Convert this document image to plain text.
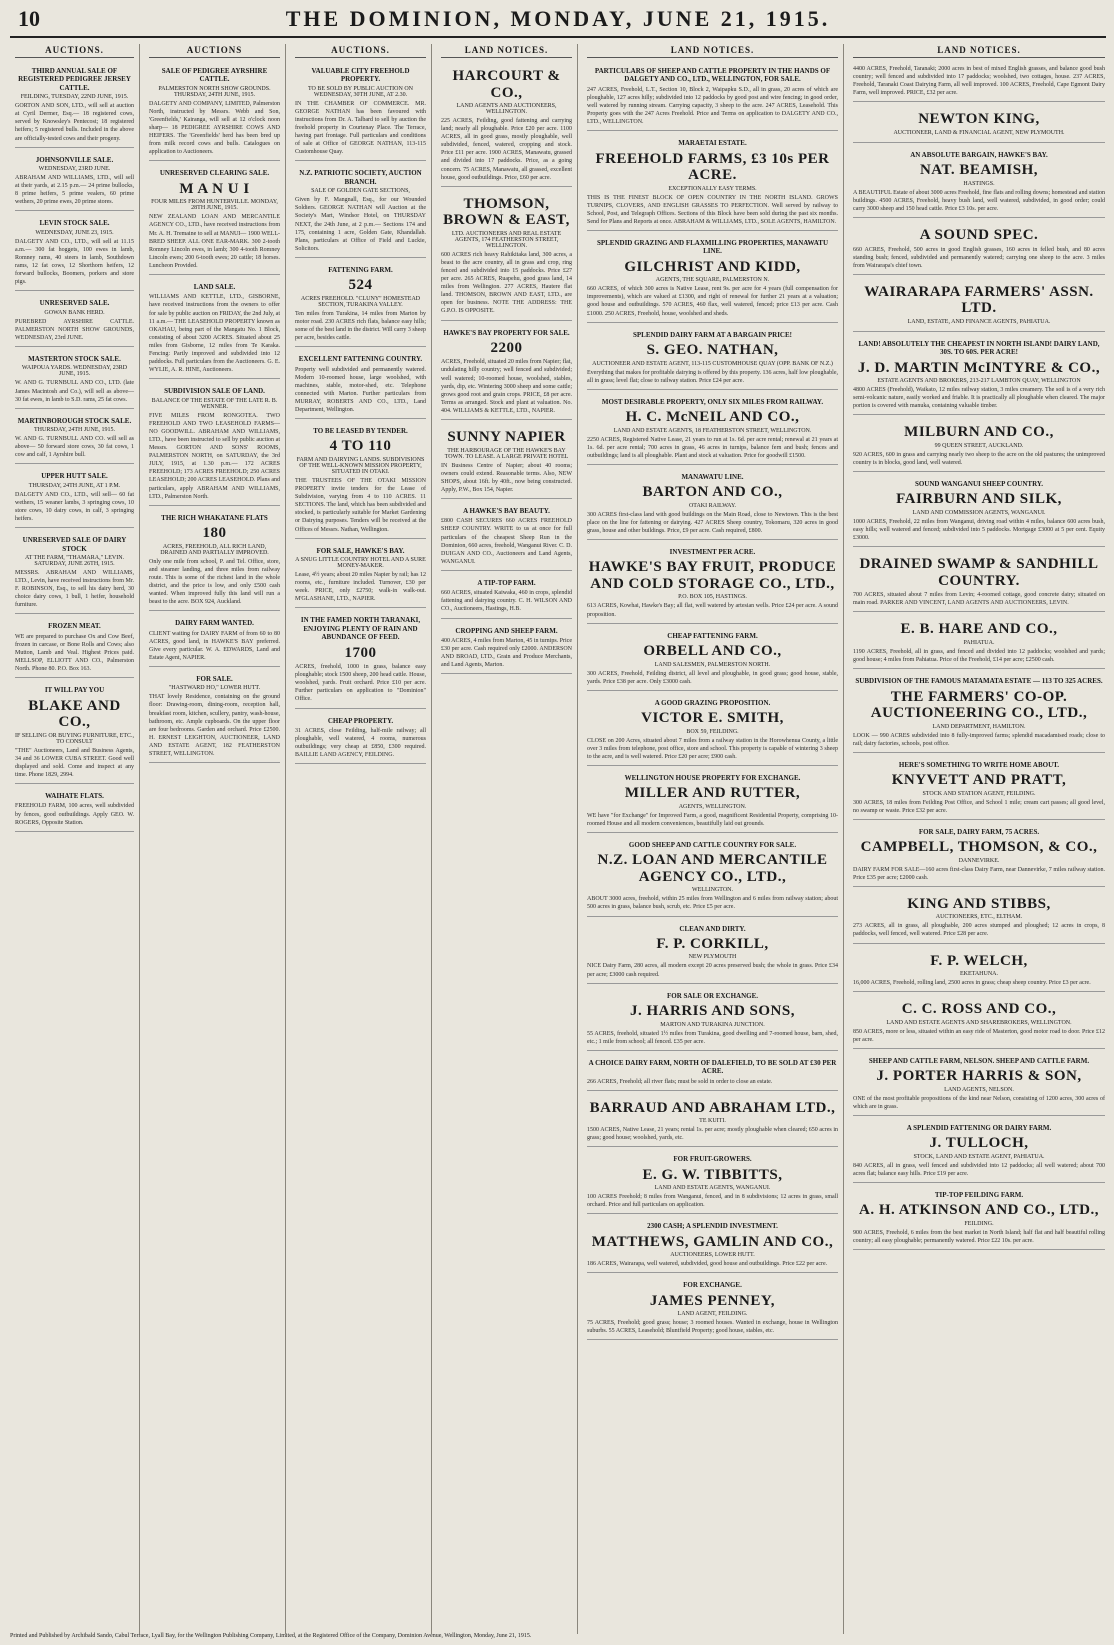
10	THE DOMINION, MONDAY, JUNE 21, 1915.
AUCTIONS.
THIRD ANNUAL SALE OF REGISTERED PEDIGREE JERSEY CATTLE.
FEILDING, TUESDAY, 22ND JUNE, 1915.
GORTON AND SON, LTD., will sell at auction at Cyril Dermer, Esq.— 18 registered cows, served by Knowsley's Pentecost; 18 registered heifers; 5 registered bulls. Included in the above are officially-tested cows and their progeny.
JOHNSONVILLE SALE.
WEDNESDAY, 23RD JUNE.
ABRAHAM AND WILLIAMS, LTD., will sell at their yards, at 2.15 p.m.— 24 prime bullocks, 8 prime heifers, 5 prime vealers, 60 prime wethers, 20 prime ewes, 20 prime stores.
LEVIN STOCK SALE.
WEDNESDAY, JUNE 23, 1915.
DALGETY AND CO., LTD., will sell at 11.15 a.m.— 300 fat hoggets, 100 ewes in lamb, Romney rams, 40 steers in lamb, Southdown rams, 12 fat cows, 12 Shorthorn heifers, 12 forward bullocks, Boomers, porkers and store pigs.
UNRESERVED SALE.
GOWAN BANK HERD.
PUREBRED AYRSHIRE CATTLE. PALMERSTON NORTH SHOW GROUNDS, WEDNESDAY, 23rd JUNE.
MASTERTON STOCK SALE.
WAIPOUA YARDS. WEDNESDAY, 23RD JUNE, 1915.
W. AND G. TURNBULL AND CO., LTD. (late James Macintosh and Co.), will sell as above— 30 fat ewes, in lamb to S.D. rams, 25 fat cows.
MARTINBOROUGH STOCK SALE.
THURSDAY, 24TH JUNE, 1915.
W. AND G. TURNBULL AND CO. will sell as above— 50 forward store cows, 30 fat cows, 1 cow and calf, 1 Ayrshire bull.
UPPER HUTT SALE.
THURSDAY, 24TH JUNE, AT 1 P.M.
DALGETY AND CO., LTD., will sell— 60 fat wethers, 15 weaner lambs, 3 springing cows, 10 store cows, 10 dairy cows, in calf, 3 springing heifers.
UNRESERVED SALE OF DAIRY STOCK
AT THE FARM, "THAMARA," LEVIN. SATURDAY, JUNE 26TH, 1915.
MESSRS. ABRAHAM AND WILLIAMS, LTD., Levin, have received instructions from Mr. F. ROBINSON, Esq., to sell his dairy herd, 30 choice dairy cows, 1 bull, 1 heifer, household furniture.
FROZEN MEAT.
WE are prepared to purchase Ox and Cow Beef, frozen in carcase, or Bone Rolls and Cows; also Mutton, Lamb and Veal. Highest Prices paid. MELLSOP, ELLIOTT AND CO., Palmerston North. Phone 80. P.O. Box 163.
IT WILL PAY YOU
BLAKE AND CO.,
IF SELLING OR BUYING FURNITURE, ETC., TO CONSULT
"THE" Auctioneers, Land and Business Agents, 34 and 36 LOWER CUBA STREET. Good well displayed and sold. Come and inspect at any time. Phone 1829, 2994.
WAIHATE FLATS.
FREEHOLD FARM, 100 acres, well subdivided by fences, good outbuildings. Apply GEO. W. ROGERS, Opposite Station.
AUCTIONS
SALE OF PEDIGREE AYRSHIRE CATTLE.
PALMERSTON NORTH SHOW GROUNDS. THURSDAY, 24TH JUNE, 1915.
DALGETY AND COMPANY, LIMITED, Palmerston North, instructed by Messrs. Webb and Son, 'Greenfields,' Kairanga, will sell at 12 o'clock noon sharp— 18 PEDIGREE AYRSHIRE COWS AND HEIFERS. The 'Greenfields' herd has been bred up from milk record cows and bulls. Catalogues on application to Auctioneers.
UNRESERVED CLEARING SALE.
M A N U I
FOUR MILES FROM HUNTERVILLE. MONDAY, 28TH JUNE, 1915.
NEW ZEALAND LOAN AND MERCANTILE AGENCY CO., LTD., have received instructions from Mr. A. H. Tremaine to sell at MANUI— 1900 WELL-BRED SHEEP. ALL ONE EAR-MARK. 300 2-tooth Romney Lincoln ewes, in lamb; 300 4-tooth Romney Lincoln ewes; 200 6-tooth ewes; 20 cattle; 18 horses. Luncheon Provided.
LAND SALE.
WILLIAMS AND KETTLE, LTD., GISBORNE, have received instructions from the owners to offer for sale by public auction on FRIDAY, the 2nd July, at 11 a.m.— THE LEASEHOLD PROPERTY known as OKAHAU, being part of the Mangatu No. 1 Block, consisting of about 3200 ACRES. Situated about 25 miles from Gisborne, 12 miles from Te Karaka. Fencing: Partly improved and subdivided into 12 paddocks. Full particulars from the Auctioneers. G. E. WYLIE, A. R. HINE, Auctioneers.
SUBDIVISION SALE OF LAND.
BALANCE OF THE ESTATE OF THE LATE R. B. WENNER.
FIVE MILES FROM RONGOTEA. TWO FREEHOLD AND TWO LEASEHOLD FARMS—NO GOODWILL. ABRAHAM AND WILLIAMS, LTD., have been instructed to sell by public auction at Messrs. GORTON AND SONS' ROOMS, PALMERSTON NORTH, on SATURDAY, the 3rd JULY, 1915, at 1.30 p.m.— 172 ACRES FREEHOLD; 173 ACRES FREEHOLD; 250 ACRES LEASEHOLD; 200 ACRES LEASEHOLD. Plans and particulars, apply ABRAHAM AND WILLIAMS, LTD., Palmerston North.
THE RICH WHAKATANE FLATS
180
ACRES, FREEHOLD, ALL RICH LAND, DRAINED AND PARTIALLY IMPROVED.
Only one mile from school, P. and Tel. Office, store, and steamer landing, and three miles from railway route. This is some of the richest land in the whole district, and the price is low, and only £500 cash wanted. When improved fully this land will run a beast to the acre. BOX 924, Auckland.
DAIRY FARM WANTED.
CLIENT waiting for DAIRY FARM of from 60 to 80 ACRES, good land, in HAWKE'S BAY preferred. Give every particular. W. A. EDWARDS, Land and Estate Agent, NAPIER.
FOR SALE.
"HASTWARD HO," LOWER HUTT.
THAT lovely Residence, containing on the ground floor: Drawing-room, dining-room, reception hall, breakfast room, kitchen, scullery, pantry, wash-house, bathroom, etc. Ample cupboards. On the upper floor are four bedrooms. Garden and orchard. Price £2500. H. ERNEST LEIGHTON, AUCTIONEER, LAND AND ESTATE AGENT, 182 FEATHERSTON STREET, WELLINGTON.
AUCTIONS.
VALUABLE CITY FREEHOLD PROPERTY.
TO BE SOLD BY PUBLIC AUCTION ON WEDNESDAY, 30TH JUNE, AT 2.30.
IN THE CHAMBER OF COMMERCE. MR. GEORGE NATHAN has been favoured with instructions from Dr. A. Talbard to sell by auction the freehold property in Courtenay Place. The Terrace, having part frontage. Full particulars and conditions of sale at Office of GEORGE NATHAN, 113-115 Customhouse Quay.
N.Z. PATRIOTIC SOCIETY, AUCTION BRANCH.
SALE OF GOLDEN GATE SECTIONS,
Given by F. Mangnall, Esq., for our Wounded Soldiers. GEORGE NATHAN will Auction at the Society's Mart, Windsor Hotel, on THURSDAY NEXT, the 24th June, at 2 p.m.— Sections 174 and 175, containing 1 acre, Golden Gate, Khandallah. Plans, particulars at Office of Field and Luckie, Solicitors.
FATTENING FARM.
524
ACRES FREEHOLD. "CLUNY" HOMESTEAD SECTION, TURAKINA VALLEY.
Ten miles from Turakina, 14 miles from Marton by motor road. 230 ACRES rich flats, balance easy hills; some of the best land in the district. Will carry 3 sheep per acre, besides cattle.
EXCELLENT FATTENING COUNTRY.
Property well subdivided and permanently watered. Modern 10-roomed house, large woolshed, with machines, stable, motor-shed, etc. Telephone connected with Marton. Further particulars from MURRAY, ROBERTS AND CO., LTD., Land Department, Wellington.
TO BE LEASED BY TENDER.
4 TO 110
FARM AND DAIRYING LANDS. SUBDIVISIONS OF THE WELL-KNOWN MISSION PROPERTY, SITUATED IN OTAKI.
THE TRUSTEES OF THE OTAKI MISSION PROPERTY invite tenders for the Lease of Subdivision, varying from 4 to 110 ACRES. 11 SECTIONS. The land, which has been subdivided and stocked, is particularly suitable for Market Gardening or Dairying purposes. Tenders will be received at the Offices of Messrs. Nathan, Wellington.
FOR SALE, HAWKE'S BAY.
A SNUG LITTLE COUNTRY HOTEL AND A SURE MONEY-MAKER.
Lease, 4½ years; about 20 miles Napier by rail; has 12 rooms, etc., furniture included. Turnover, £30 per week. PRICE, only £2750; walk-in walk-out. M'GLASHANE, LTD., NAPIER.
IN THE FAMED NORTH TARANAKI, ENJOYING PLENTY OF RAIN AND ABUNDANCE OF FEED.
1700
ACRES, freehold, 1000 in grass, balance easy ploughable; stock 1500 sheep, 200 head cattle. House, woolshed, yards. Fruit orchard. Price £10 per acre. Further particulars on application to "Dominion" Office.
CHEAP PROPERTY.
31 ACRES, close Feilding, half-mile railway; all ploughable, well watered, 4 rooms, numerous outbuildings; very cheap at £850, £300 required. BAILLIE LAND AGENCY, FEILDING.
LAND NOTICES.
HARCOURT & CO.,
LAND AGENTS AND AUCTIONEERS, WELLINGTON.
225 ACRES, Feilding, good fattening and carrying land; nearly all ploughable. Price £20 per acre. 1100 ACRES, all in good grass, mostly ploughable, well subdivided, fenced, watered, cropping and stock. Price £11 per acre. 1900 ACRES, Manawatu, grassed and divided into 17 paddocks. Price, as a going concern. 75 ACRES, Manawatu, all grassed, excellent house, good outbuildings. Price, £60 per acre.
THOMSON, BROWN & EAST,
LTD. AUCTIONEERS AND REAL ESTATE AGENTS, 174 FEATHERSTON STREET, WELLINGTON.
600 ACRES rich heavy Rahikitaka land, 300 acres, a beast to the acre country, all in grass and crop, ring fenced and subdivided into 15 paddocks. Price £27 per acre. 265 ACRES, Ruapehu, good grass land, 14 miles from Wellington. 277 ACRES, Hautere flat land. THOMSON, BROWN AND EAST, LTD., are open for business. NOTE THE ADDRESS: THE G.P.O. IS OPPOSITE.
HAWKE'S BAY PROPERTY FOR SALE.
2200
ACRES, Freehold, situated 20 miles from Napier; flat, undulating hilly country; well fenced and subdivided; well watered; 10-roomed house, woolshed, stables, yards, dip, etc. Wintering 3000 sheep and some cattle; grows good root and grain crops. PRICE, £8 per acre. Terms as arranged. Stock and plant at valuation. No. 404. WILLIAMS & KETTLE, LTD., NAPIER.
SUNNY NAPIER
THE HARBOURAGE OF THE HAWKE'S BAY TOWN. TO LEASE. A LARGE PRIVATE HOTEL
IN Business Centre of Napier; about 40 rooms; owners could extend. Reasonable terms. Also, NEW SHOPS, about 16ft. by 40ft., now being constructed. Apply, P.W., Box 154, Napier.
A HAWKE'S BAY BEAUTY.
£800 CASH SECURES 660 ACRES FREEHOLD SHEEP COUNTRY. WRITE to us at once for full particulars of the cheapest Sheep Run in the Dominion, 660 acres, freehold, Wanganui River. C. D. DUIGAN AND CO., Auctioneers and Land Agents, WANGANUI.
A TIP-TOP FARM.
660 ACRES, situated Kaiwaka, 460 in crops, splendid fattening and dairying country. C. H. WILSON AND CO., Auctioneers, Hastings, H.B.
CROPPING AND SHEEP FARM.
400 ACRES, 4 miles from Marton, 45 in turnips. Price £30 per acre. Cash required only £2000. ANDERSON AND BROAD, LTD., Grain and Produce Merchants, and Land Agents, Marton.
LAND NOTICES.
PARTICULARS OF SHEEP AND CATTLE PROPERTY IN THE HANDS OF DALGETY AND CO., LTD., WELLINGTON, FOR SALE.
247 ACRES, Freehold, L.T., Section 10, Block 2, Waipapku S.D., all in grass, 20 acres of which are ploughable, 127 acres hilly; subdivided into 12 paddocks by good post and wire fencing; in good order, well watered by running stream. Carrying capacity, 3 sheep to the acre. 247 ACRES, Leasehold. This Property goes with the 247 Acres Freehold. Price and Terms on application to DALGETY AND CO., LTD., WELLINGTON.
MARAETAI ESTATE.
FREEHOLD FARMS, £3 10s PER ACRE.
EXCEPTIONALLY EASY TERMS.
THIS IS THE FINEST BLOCK OF OPEN COUNTRY IN THE NORTH ISLAND. GROWS TURNIPS, CLOVERS, AND ENGLISH GRASSES TO PERFECTION. Well served by railway to School, Post, and Telegraph Offices. Sections of this Block have been sold during the past six months. Send for Plans and Reports at once. ABRAHAM & WILLIAMS, LTD., SOLE AGENTS, HAMILTON.
SPLENDID GRAZING AND FLAXMILLING PROPERTIES, MANAWATU LINE.
GILCHRIST AND KIDD,
AGENTS, THE SQUARE, PALMERSTON N.
660 ACRES, of which 300 acres is Native Lease, rent 9s. per acre for 4 years (full compensation for improvements), which are valued at £1300, and right of renewal for further 21 years at a valuation; good house and outbuildings. 570 ACRES, 460 flax, well watered, fenced; price £13 per acre. Cash £1000. 250 ACRES, Freehold, house, woolshed and sheds.
SPLENDID DAIRY FARM AT A BARGAIN PRICE!
S. GEO. NATHAN,
AUCTIONEER AND ESTATE AGENT, 113-115 CUSTOMHOUSE QUAY (OPP. BANK OF N.Z.)
Everything that makes for profitable dairying is offered by this property. 136 acres, half low ploughable, all in grass; level flat; close to railway station. Price £24 per acre.
MOST DESIRABLE PROPERTY, ONLY SIX MILES FROM RAILWAY.
H. C. McNEIL AND CO.,
LAND AND ESTATE AGENTS, 18 FEATHERSTON STREET, WELLINGTON.
2250 ACRES, Registered Native Lease, 21 years to run at 1s. 6d. per acre rental; renewal at 21 years at 1s. 6d. per acre rental; 700 acres in grass, 46 acres in turnips, balance fern and bush; fences and outbuildings; land is all ploughable. Plant and stock at valuation. Price for goodwill £1500.
MANAWATU LINE.
BARTON AND CO.,
OTAKI RAILWAY.
300 ACRES first-class land with good buildings on the Main Road, close to Newtown. This is the best place on the line for fattening or dairying. 427 ACRES Sheep country, Tokomaru, 320 acres in good grass, house and other buildings. Price, £9 per acre. Cash required, £800.
INVESTMENT PER ACRE.
HAWKE'S BAY FRUIT, PRODUCE AND COLD STORAGE CO., LTD.,
P.O. BOX 105, HASTINGS.
613 ACRES, Kowhai, Hawke's Bay; all flat, well watered by artesian wells. Price £24 per acre. A sound proposition.
CHEAP FATTENING FARM.
ORBELL AND CO.,
LAND SALESMEN, PALMERSTON NORTH.
300 ACRES, Freehold, Feilding district, all level and ploughable, in good grass; good house, stable, yards. Price £38 per acre. Only £3000 cash.
A GOOD GRAZING PROPOSITION.
VICTOR E. SMITH,
BOX 59, FEILDING.
CLOSE on 200 Acres, situated about 7 miles from a railway station in the Horowhenua County, a little over 3 miles from telephone, post office, store and school. This property is capable of wintering 3 sheep to the acre, and is well watered. Price £20 per acre; £900 cash.
WELLINGTON HOUSE PROPERTY FOR EXCHANGE.
MILLER AND RUTTER,
AGENTS, WELLINGTON.
WE have "for Exchange" for Improved Farm, a good, magnificent Residential Property, comprising 10-roomed House and all modern conveniences, beautifully laid out grounds.
GOOD SHEEP AND CATTLE COUNTRY FOR SALE.
N.Z. LOAN AND MERCANTILE AGENCY CO., LTD.,
WELLINGTON.
ABOUT 3000 acres, freehold, within 25 miles from Wellington and 6 miles from railway station; about 500 acres in grass, balance bush, scrub, etc. Price £5 per acre.
CLEAN AND DIRTY.
F. P. CORKILL,
NEW PLYMOUTH
NICE Dairy Farm, 280 acres, all modern except 20 acres preserved bush; the whole in grass. Price £34 per acre; £3000 cash required.
FOR SALE OR EXCHANGE.
J. HARRIS AND SONS,
MARTON AND TURAKINA JUNCTION.
55 ACRES, freehold, situated 1½ miles from Turakina, good dwelling and 7-roomed house, barn, shed, etc.; 1 mile from school; all fenced. £35 per acre.
A CHOICE DAIRY FARM, NORTH OF DALEFIELD, TO BE SOLD AT £30 PER ACRE.
266 ACRES, Freehold; all river flats; must be sold in order to close an estate.
BARRAUD AND ABRAHAM LTD.,
TE KUITI.
1500 ACRES, Native Lease, 21 years; rental 1s. per acre; mostly ploughable when cleared; 650 acres in grass; good house; woolshed, yards, etc.
FOR FRUIT-GROWERS.
E. G. W. TIBBITTS,
LAND AND ESTATE AGENTS, WANGANUI.
100 ACRES Freehold; 8 miles from Wanganui, fenced, and in 8 subdivisions; 12 acres in grass, small orchard. Price and full particulars on application.
2300 CASH; A SPLENDID INVESTMENT.
MATTHEWS, GAMLIN AND CO.,
AUCTIONEERS, LOWER HUTT.
186 ACRES, Wairarapa, well watered, subdivided, good house and outbuildings. Price £22 per acre.
FOR EXCHANGE.
JAMES PENNEY,
LAND AGENT, FEILDING.
75 ACRES, Freehold; good grass; house; 3 roomed houses. Wanted in exchange, house in Wellington suburbs. 55 ACRES, Leasehold; Bluntfield Property; good house, stables, etc.
LAND NOTICES.
4400 ACRES, Freehold, Taranaki; 2000 acres in best of mixed English grasses, and balance good bush country; well fenced and subdivided into 17 paddocks; woolshed, two cottages, house. 237 ACRES, Freehold, Taranaki Coast Dairying Farm, all well improved. 100 ACRES, Freehold, Cape Egmont Dairy Farm, well improved. PRICE, £32 per acre.
NEWTON KING,
AUCTIONEER, LAND & FINANCIAL AGENT, NEW PLYMOUTH.
AN ABSOLUTE BARGAIN, HAWKE'S BAY.
NAT. BEAMISH,
HASTINGS.
A BEAUTIFUL Estate of about 3000 acres Freehold, fine flats and rolling downs; homestead and station buildings. 4500 ACRES, Freehold, heavy bush land, well watered, subdivided, in good order; could carry 3000 sheep and 150 head cattle. Price £3 10s. per acre.
A SOUND SPEC.
660 ACRES, Freehold, 500 acres in good English grasses, 160 acres in felled bush, and 80 acres standing bush; fenced, subdivided and permanently watered; carrying one sheep to the acre. 3 miles from Wairarapa's chief town.
WAIRARAPA FARMERS' ASSN. LTD.
LAND, ESTATE, AND FINANCE AGENTS, PAHIATUA.
LAND! ABSOLUTELY THE CHEAPEST IN NORTH ISLAND! DAIRY LAND, 30S. TO 60S. PER ACRE!
J. D. MARTIN McINTYRE & CO.,
ESTATE AGENTS AND BROKERS, 213-217 LAMBTON QUAY, WELLINGTON
4800 ACRES (Freehold), Waikato, 12 miles railway station, 3 miles creamery. The soil is of a very rich semi-volcanic nature, easily worked and friable. It is practically all ploughable when cleared. The major portion is covered with manuka, containing valuable timber.
MILBURN AND CO.,
99 QUEEN STREET, AUCKLAND.
920 ACRES, 600 in grass and carrying nearly two sheep to the acre on the old pastures; the unimproved country is in blocks, good land, well watered.
SOUND WANGANUI SHEEP COUNTRY.
FAIRBURN AND SILK,
LAND AND COMMISSION AGENTS, WANGANUI.
1000 ACRES, Freehold, 22 miles from Wanganui, driving road within 4 miles, balance 600 acres bush, easy hills; well watered and fenced; subdivided into 5 paddocks. Mortgage £3000 at 5 per cent. Equity £3000.
DRAINED SWAMP & SANDHILL COUNTRY.
700 ACRES, situated about 7 miles from Levin; 4-roomed cottage, good concrete dairy; situated on main road. PARKER AND VINCENT, LAND AGENTS AND AUCTIONEERS, LEVIN.
E. B. HARE AND CO.,
PAHIATUA.
1190 ACRES, Freehold, all in grass, and fenced and divided into 12 paddocks; woolshed and yards; good house; 4 miles from Pahiatua. Price of the Freehold, £14 per acre; £2500 cash.
SUBDIVISION OF THE FAMOUS MATAMATA ESTATE — 113 TO 325 ACRES.
THE FARMERS' CO-OP. AUCTIONEERING CO., LTD.,
LAND DEPARTMENT, HAMILTON.
LOOK — 990 ACRES subdivided into 8 fully-improved farms; splendid macadamised roads; close to rail; dairy factories, schools, post office.
HERE'S SOMETHING TO WRITE HOME ABOUT.
KNYVETT AND PRATT,
STOCK AND STATION AGENT, FEILDING.
300 ACRES, 18 miles from Feilding Post Office, and School 1 mile; cream cart passes; all good level, no swamp or waste. Price £32 per acre.
FOR SALE, DAIRY FARM, 75 ACRES.
CAMPBELL, THOMSON, & CO.,
DANNEVIRKE.
DAIRY FARM FOR SALE—160 acres first-class Dairy Farm, near Dannevirke, 7 miles railway station. Price £35 per acre; £2000 cash.
KING AND STIBBS,
AUCTIONEERS, ETC., ELTHAM.
273 ACRES, all in grass, all ploughable, 200 acres stumped and ploughed; 12 acres in crops, 8 paddocks, well fenced, well watered. Price £28 per acre.
F. P. WELCH,
EKETAHUNA.
16,000 ACRES, Freehold, rolling land, 2500 acres in grass; cheap sheep country. Price £3 per acre.
C. C. ROSS AND CO.,
LAND AND ESTATE AGENTS AND SHAREBROKERS, WELLINGTON.
850 ACRES, more or less, situated within an easy ride of Masterton, good motor road to door. Price £12 per acre.
SHEEP AND CATTLE FARM, NELSON. SHEEP AND CATTLE FARM.
J. PORTER HARRIS & SON,
LAND AGENTS, NELSON.
ONE of the most profitable propositions of the kind near Nelson, consisting of 1200 acres, 300 acres of which are in grass.
A SPLENDID FATTENING OR DAIRY FARM.
J. TULLOCH,
STOCK, LAND AND ESTATE AGENT, PAHIATUA.
840 ACRES, all in grass, well fenced and subdivided into 12 paddocks; all well watered; about 700 acres flat; balance easy hills. Price £19 per acre.
TIP-TOP FEILDING FARM.
A. H. ATKINSON AND CO., LTD.,
FEILDING.
900 ACRES, Freehold, 6 miles from the best market in North Island; half flat and half beautiful rolling country; all easy ploughable; permanently watered. Price £22 10s. per acre.
Printed and Published by Archibald Sando, Cabul Terrace, Lyall Bay, for the Wellington Publishing Company, Limited, at the Registered Office of the Company, Dominion Avenue, Wellington, Monday, June 21, 1915.
